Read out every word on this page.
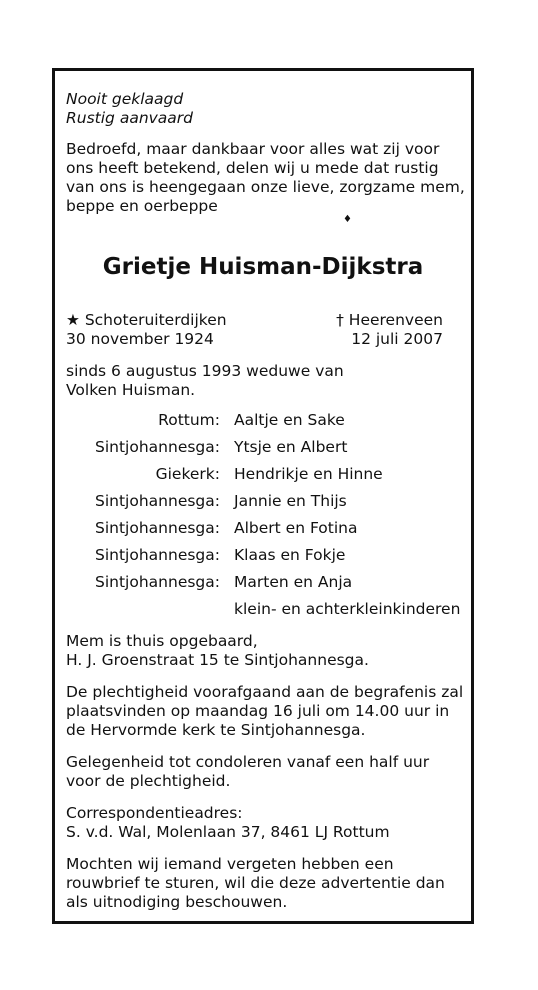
Nooit geklaagd
Rustig aanvaard
Bedroefd, maar dankbaar voor alles wat zij voor
ons heeft betekend, delen wij u mede dat rustig
van ons is heengegaan onze lieve, zorgzame mem,
beppe en oerbeppe
♦
Grietje Huisman-Dijkstra
★ Schoteruiterdijken
30 november 1924
† Heerenveen
12 juli 2007
sinds 6 augustus 1993 weduwe van
Volken Huisman.
Rottum: Aaltje en Sake
Sintjohannesga: Ytsje en Albert
Giekerk: Hendrikje en Hinne
Sintjohannesga: Jannie en Thijs
Sintjohannesga: Albert en Fotina
Sintjohannesga: Klaas en Fokje
Sintjohannesga: Marten en Anja
klein- en achterkleinkinderen
Mem is thuis opgebaard,
H. J. Groenstraat 15 te Sintjohannesga.
De plechtigheid voorafgaand aan de begrafenis zal
plaatsvinden op maandag 16 juli om 14.00 uur in
de Hervormde kerk te Sintjohannesga.
Gelegenheid tot condoleren vanaf een half uur
voor de plechtigheid.
Correspondentieadres:
S. v.d. Wal, Molenlaan 37, 8461 LJ Rottum
Mochten wij iemand vergeten hebben een
rouwbrief te sturen, wil die deze advertentie dan
als uitnodiging beschouwen.
